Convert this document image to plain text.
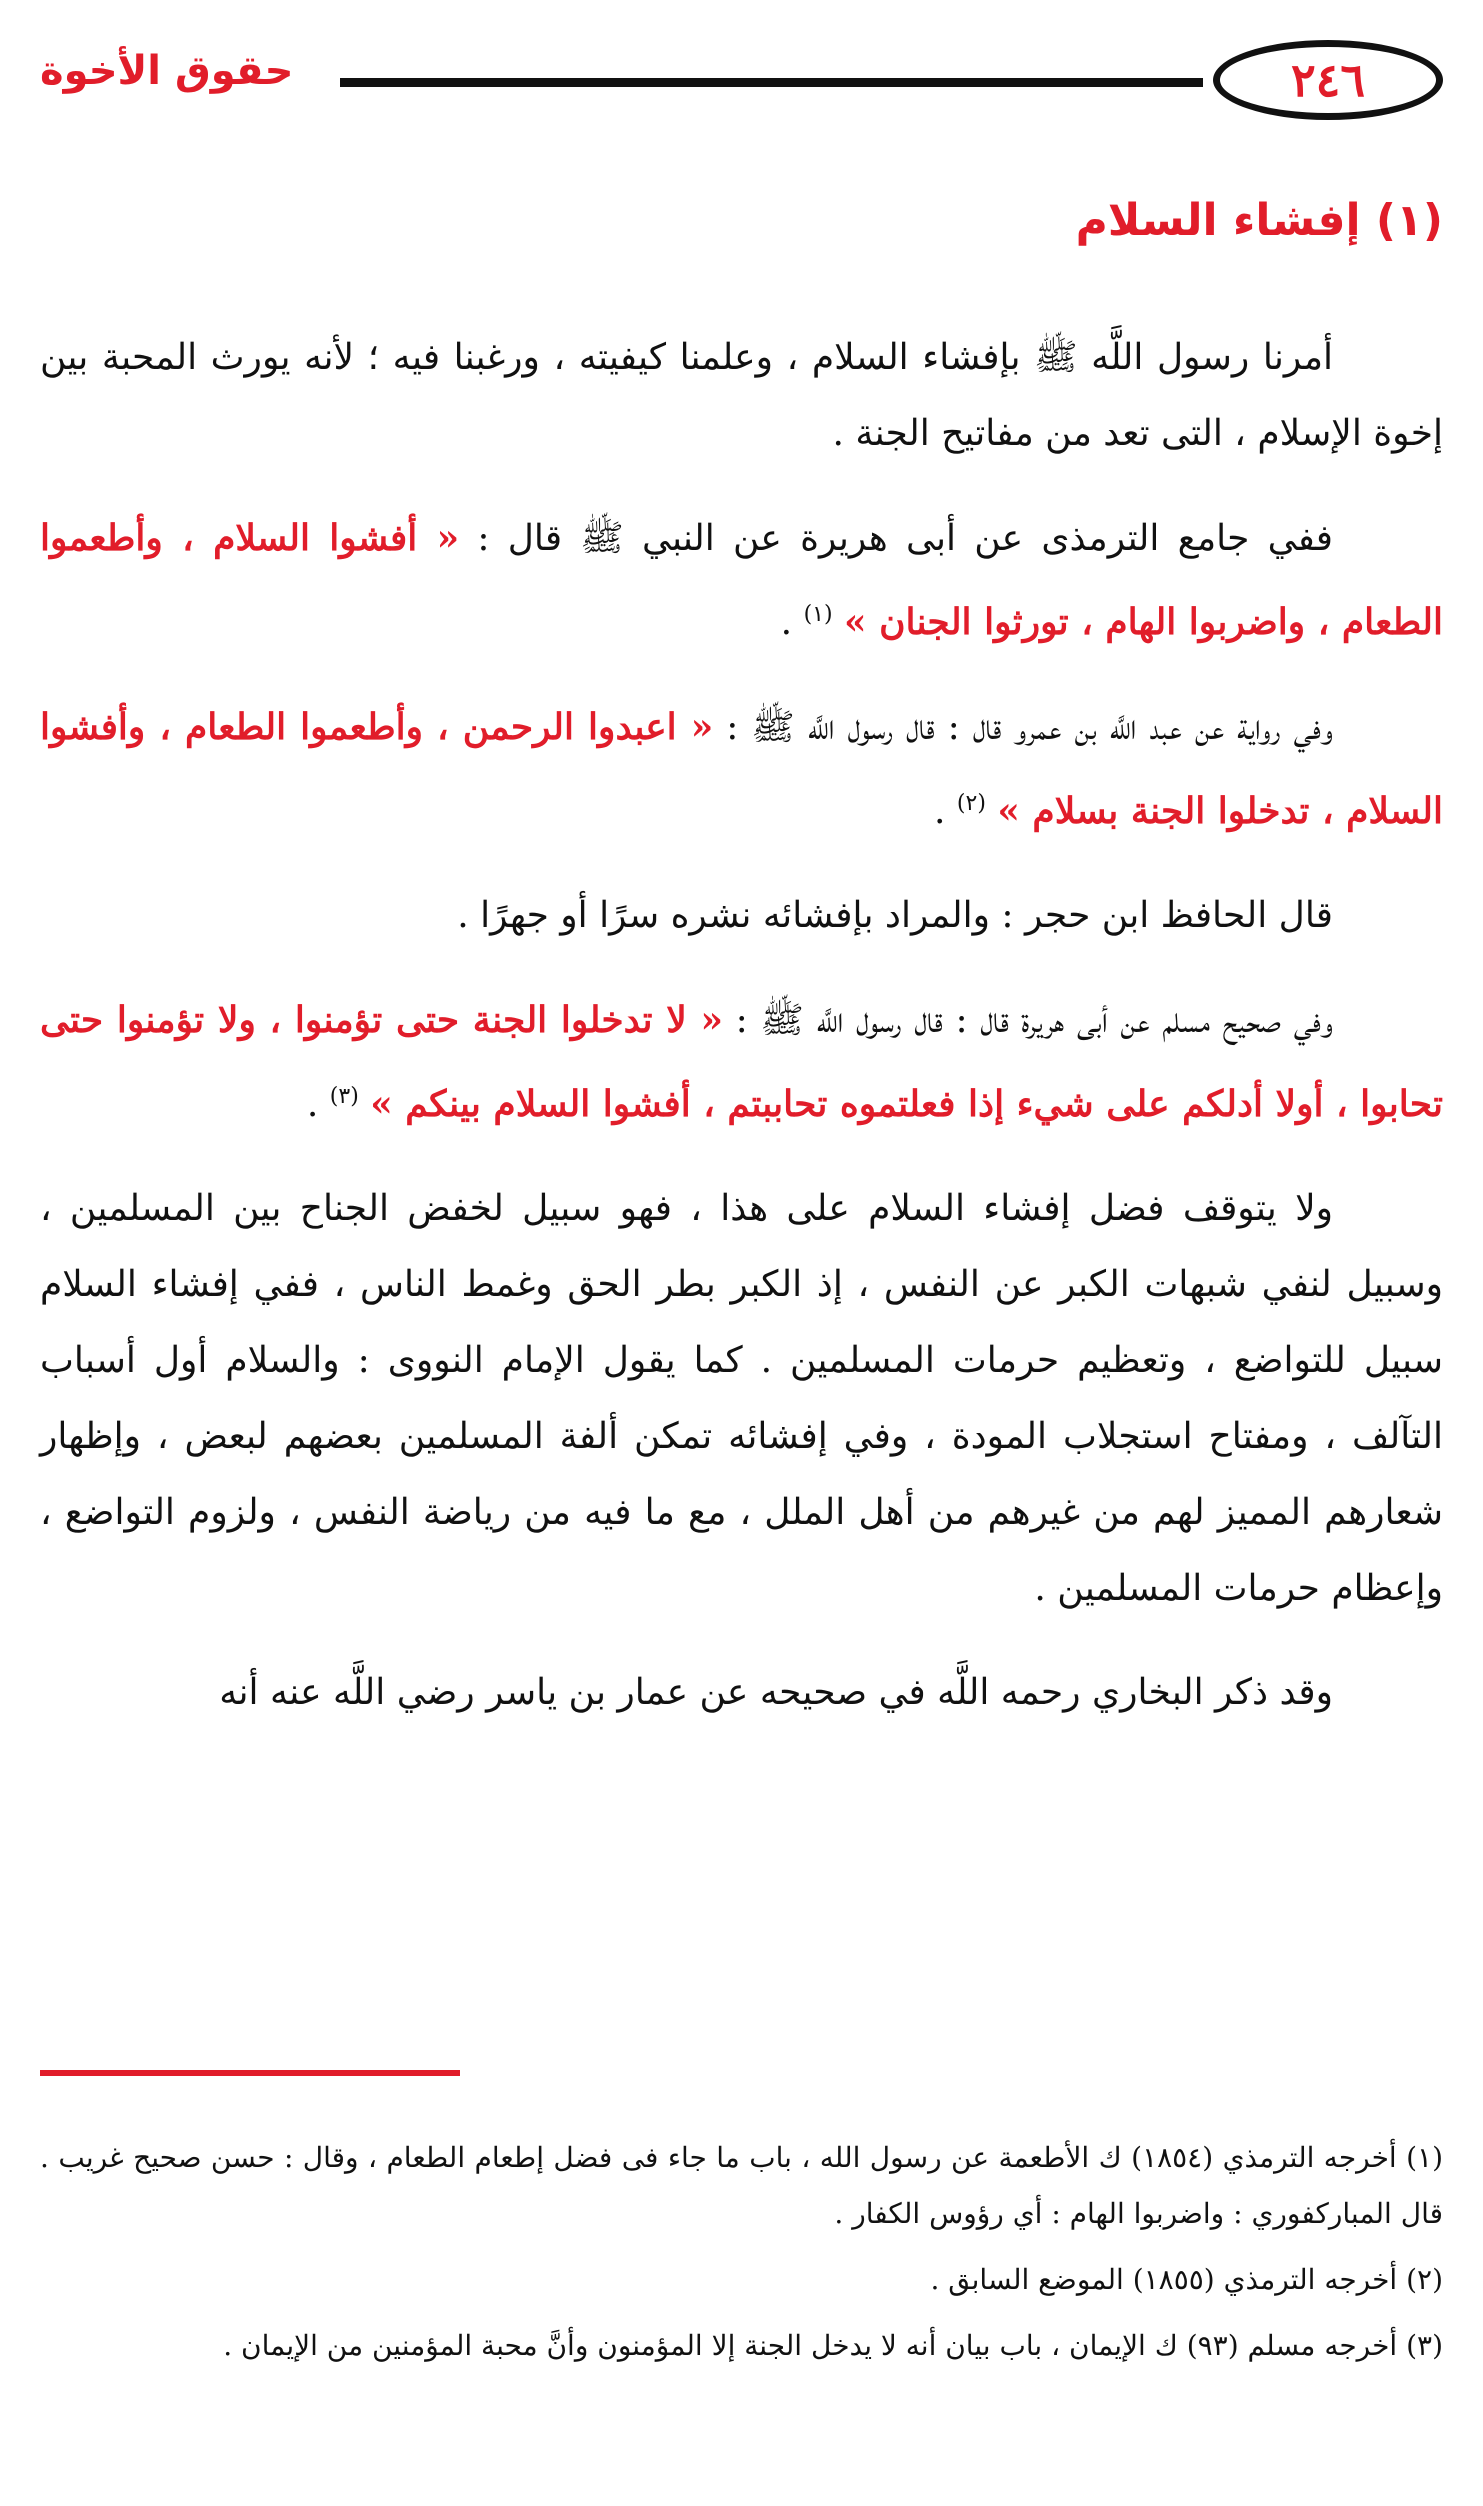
٢٤٦
حقوق الأخوة
(١) إفشاء السلام

أمرنا رسول اللَّه ﷺ بإفشاء السلام ، وعلمنا كيفيته ، ورغبنا فيه ؛ لأنه يورث المحبة بين إخوة الإسلام ، التى تعد من مفاتيح الجنة .

ففي جامع الترمذى عن أبى هريرة عن النبي ﷺ قال : « أفشوا السلام ، وأطعموا الطعام ، واضربوا الهام ، تورثوا الجنان » $^{(١)}$ .

وفي رواية عن عبد اللَّه بن عمرو قال : قال رسول اللَّه ﷺ : « اعبدوا الرحمن ، وأطعموا الطعام ، وأفشوا السلام ، تدخلوا الجنة بسلام » $^{(٢)}$ .

قال الحافظ ابن حجر : والمراد بإفشائه نشره سرًا أو جهرًا .

وفي صحيح مسلم عن أبى هريرة قال : قال رسول اللَّه ﷺ : « لا تدخلوا الجنة حتى تؤمنوا ، ولا تؤمنوا حتى تحابوا ، أولا أدلكم على شيء إذا فعلتموه تحاببتم ، أفشوا السلام بينكم » $^{(٣)}$ .

ولا يتوقف فضل إفشاء السلام على هذا ، فهو سبيل لخفض الجناح بين المسلمين ، وسبيل لنفي شبهات الكبر عن النفس ، إذ الكبر بطر الحق وغمط الناس ، ففي إفشاء السلام سبيل للتواضع ، وتعظيم حرمات المسلمين . كما يقول الإمام النووى : والسلام أول أسباب التآلف ، ومفتاح استجلاب المودة ، وفي إفشائه تمكن ألفة المسلمين بعضهم لبعض ، وإظهار شعارهم المميز لهم من غيرهم من أهل الملل ، مع ما فيه من رياضة النفس ، ولزوم التواضع ، وإعظام حرمات المسلمين .

وقد ذكر البخاري رحمه اللَّه في صحيحه عن عمار بن ياسر رضي اللَّه عنه أنه

(١) أخرجه الترمذي (١٨٥٤) ك الأطعمة عن رسول الله ، باب ما جاء فى فضل إطعام الطعام ، وقال : حسن صحيح غريب . قال المباركفوري : واضربوا الهام : أي رؤوس الكفار .

(٢) أخرجه الترمذي (١٨٥٥) الموضع السابق .

(٣) أخرجه مسلم (٩٣) ك الإيمان ، باب بيان أنه لا يدخل الجنة إلا المؤمنون وأنَّ محبة المؤمنين من الإيمان .
